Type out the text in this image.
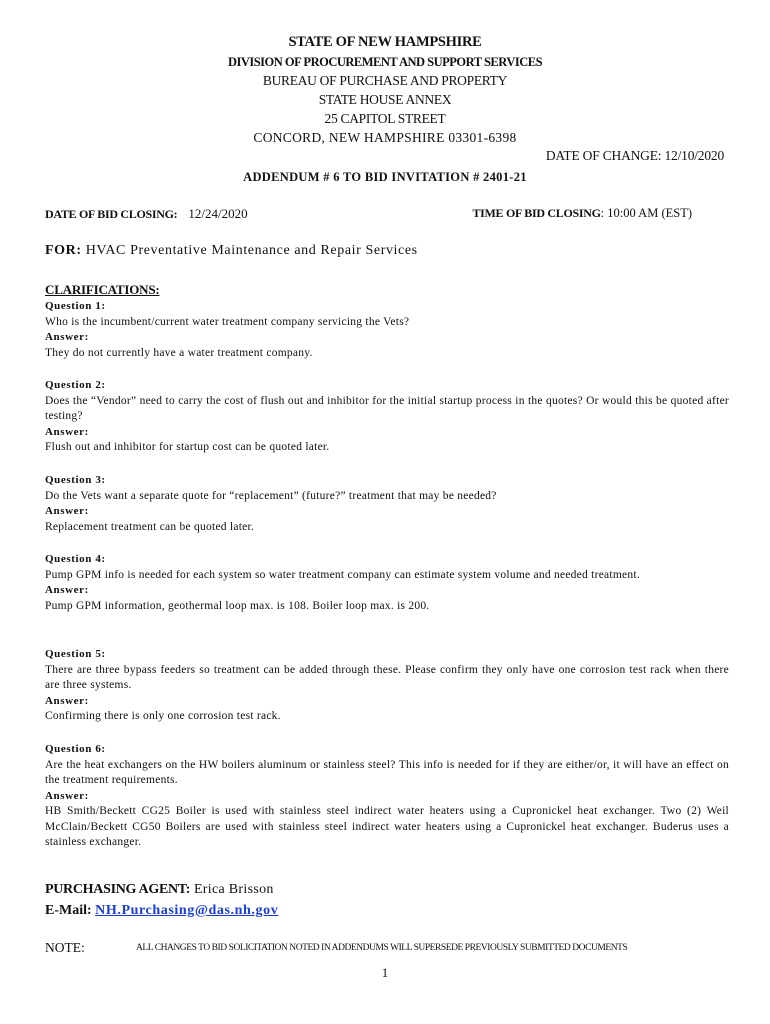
STATE OF NEW HAMPSHIRE
DIVISION OF PROCUREMENT AND SUPPORT SERVICES
BUREAU OF PURCHASE AND PROPERTY
STATE HOUSE ANNEX
25 CAPITOL STREET
CONCORD, NEW HAMPSHIRE 03301-6398
DATE OF CHANGE: 12/10/2020
ADDENDUM # 6 TO BID INVITATION # 2401-21
DATE OF BID CLOSING: 12/24/2020	TIME OF BID CLOSING: 10:00 AM (EST)
FOR: HVAC Preventative Maintenance and Repair Services
CLARIFICATIONS:
Question 1:
Who is the incumbent/current water treatment company servicing the Vets?
Answer:
They do not currently have a water treatment company.
Question 2:
Does the “Vendor” need to carry the cost of flush out and inhibitor for the initial startup process in the quotes? Or would this be quoted after testing?
Answer:
Flush out and inhibitor for startup cost can be quoted later.
Question 3:
Do the Vets want a separate quote for “replacement” (future?” treatment that may be needed?
Answer:
Replacement treatment can be quoted later.
Question 4:
Pump GPM info is needed for each system so water treatment company can estimate system volume and needed treatment.
Answer:
Pump GPM information, geothermal loop max. is 108. Boiler loop max. is 200.
Question 5:
There are three bypass feeders so treatment can be added through these. Please confirm they only have one corrosion test rack when there are three systems.
Answer:
Confirming there is only one corrosion test rack.
Question 6:
Are the heat exchangers on the HW boilers aluminum or stainless steel? This info is needed for if they are either/or, it will have an effect on the treatment requirements.
Answer:
HB Smith/Beckett CG25 Boiler is used with stainless steel indirect water heaters using a Cupronickel heat exchanger. Two (2) Weil McClain/Beckett CG50 Boilers are used with stainless steel indirect water heaters using a Cupronickel heat exchanger. Buderus uses a stainless exchanger.
PURCHASING AGENT: Erica Brisson
E-Mail: NH.Purchasing@das.nh.gov
NOTE:	ALL CHANGES TO BID SOLICITATION NOTED IN ADDENDUMS WILL SUPERSEDE PREVIOUSLY SUBMITTED DOCUMENTS
1
